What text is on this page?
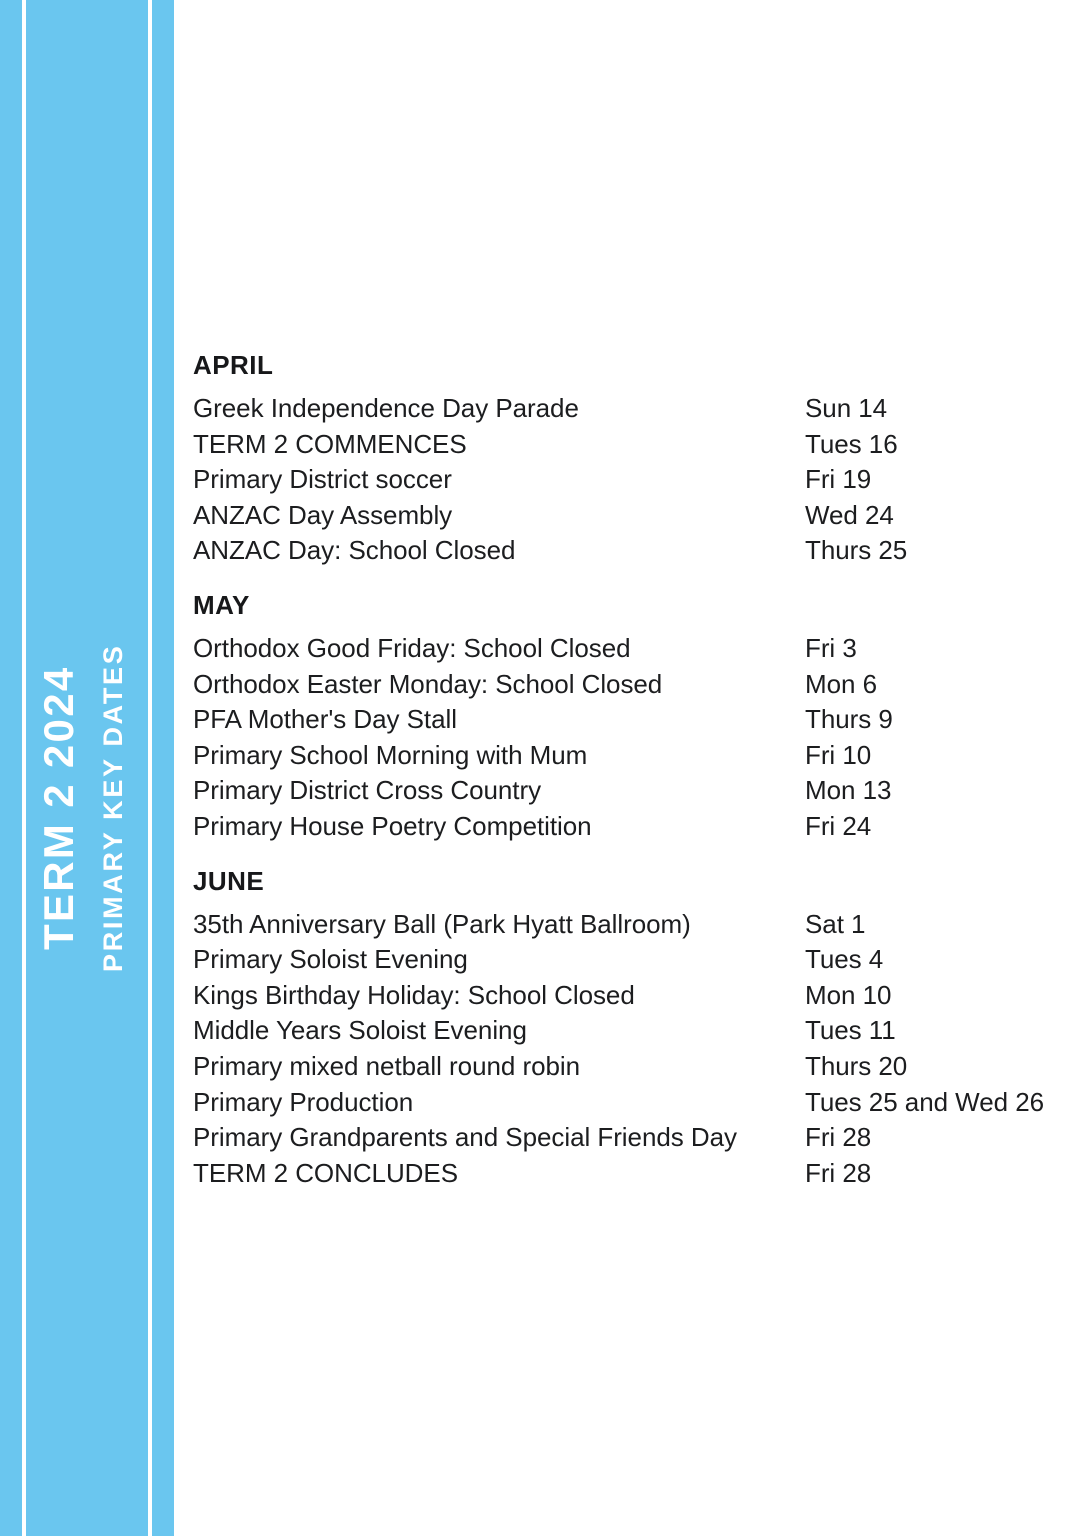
TERM 2 2024 PRIMARY KEY DATES
APRIL
Greek Independence Day Parade	Sun 14
TERM 2 COMMENCES	Tues 16
Primary District soccer	Fri 19
ANZAC Day Assembly	Wed 24
ANZAC Day: School Closed	Thurs 25
MAY
Orthodox Good Friday: School Closed	Fri 3
Orthodox Easter Monday: School Closed	Mon 6
PFA Mother's Day Stall	Thurs 9
Primary School Morning with Mum	Fri 10
Primary District Cross Country	Mon 13
Primary House Poetry Competition	Fri 24
JUNE
35th Anniversary Ball (Park Hyatt Ballroom)	Sat 1
Primary Soloist Evening	Tues 4
Kings Birthday Holiday: School Closed	Mon 10
Middle Years Soloist Evening	Tues 11
Primary mixed netball round robin	Thurs 20
Primary Production	Tues 25 and Wed 26
Primary Grandparents and Special Friends Day	Fri 28
TERM 2 CONCLUDES	Fri 28
